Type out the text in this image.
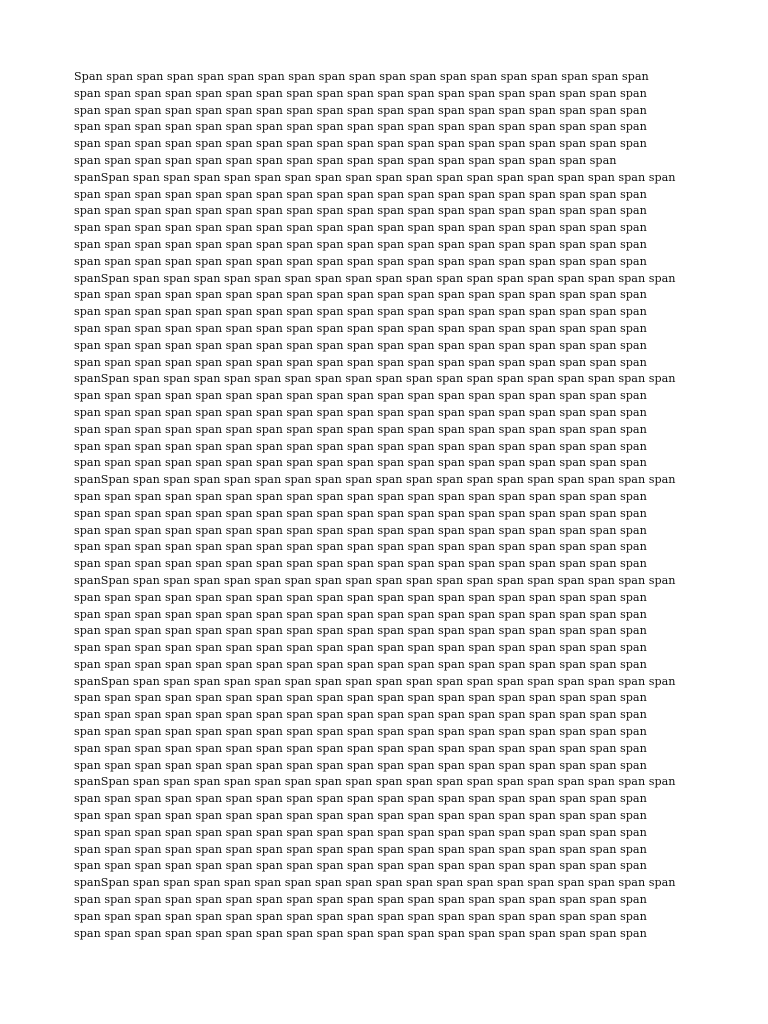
Span span span span span span span span span span span span span span span span span span span
span span span span span span span span span span span span span span span span span span span
span span span span span span span span span span span span span span span span span span span
span span span span span span span span span span span span span span span span span span span
span span span span span span span span span span span span span span span span span span span
span span span span span span span span span span span span span span span span span span
spanSpan span span span span span span span span span span span span span span span span span span
span span span span span span span span span span span span span span span span span span span
span span span span span span span span span span span span span span span span span span span
span span span span span span span span span span span span span span span span span span span
span span span span span span span span span span span span span span span span span span span
span span span span span span span span span span span span span span span span span span span
spanSpan span span span span span span span span span span span span span span span span span span
span span span span span span span span span span span span span span span span span span span
span span span span span span span span span span span span span span span span span span span
span span span span span span span span span span span span span span span span span span span
span span span span span span span span span span span span span span span span span span span
span span span span span span span span span span span span span span span span span span span
spanSpan span span span span span span span span span span span span span span span span span span
span span span span span span span span span span span span span span span span span span span
span span span span span span span span span span span span span span span span span span span
span span span span span span span span span span span span span span span span span span span
span span span span span span span span span span span span span span span span span span span
span span span span span span span span span span span span span span span span span span span
spanSpan span span span span span span span span span span span span span span span span span span
span span span span span span span span span span span span span span span span span span span
span span span span span span span span span span span span span span span span span span span
span span span span span span span span span span span span span span span span span span span
span span span span span span span span span span span span span span span span span span span
span span span span span span span span span span span span span span span span span span span
spanSpan span span span span span span span span span span span span span span span span span span
span span span span span span span span span span span span span span span span span span span
span span span span span span span span span span span span span span span span span span span
span span span span span span span span span span span span span span span span span span span
span span span span span span span span span span span span span span span span span span span
span span span span span span span span span span span span span span span span span span span
spanSpan span span span span span span span span span span span span span span span span span span
span span span span span span span span span span span span span span span span span span span
span span span span span span span span span span span span span span span span span span span
span span span span span span span span span span span span span span span span span span span
span span span span span span span span span span span span span span span span span span span
span span span span span span span span span span span span span span span span span span span
spanSpan span span span span span span span span span span span span span span span span span span
span span span span span span span span span span span span span span span span span span span
span span span span span span span span span span span span span span span span span span span
span span span span span span span span span span span span span span span span span span span
span span span span span span span span span span span span span span span span span span span
span span span span span span span span span span span span span span span span span span span
spanSpan span span span span span span span span span span span span span span span span span span
span span span span span span span span span span span span span span span span span span span
span span span span span span span span span span span span span span span span span span span
span span span span span span span span span span span span span span span span span span span
